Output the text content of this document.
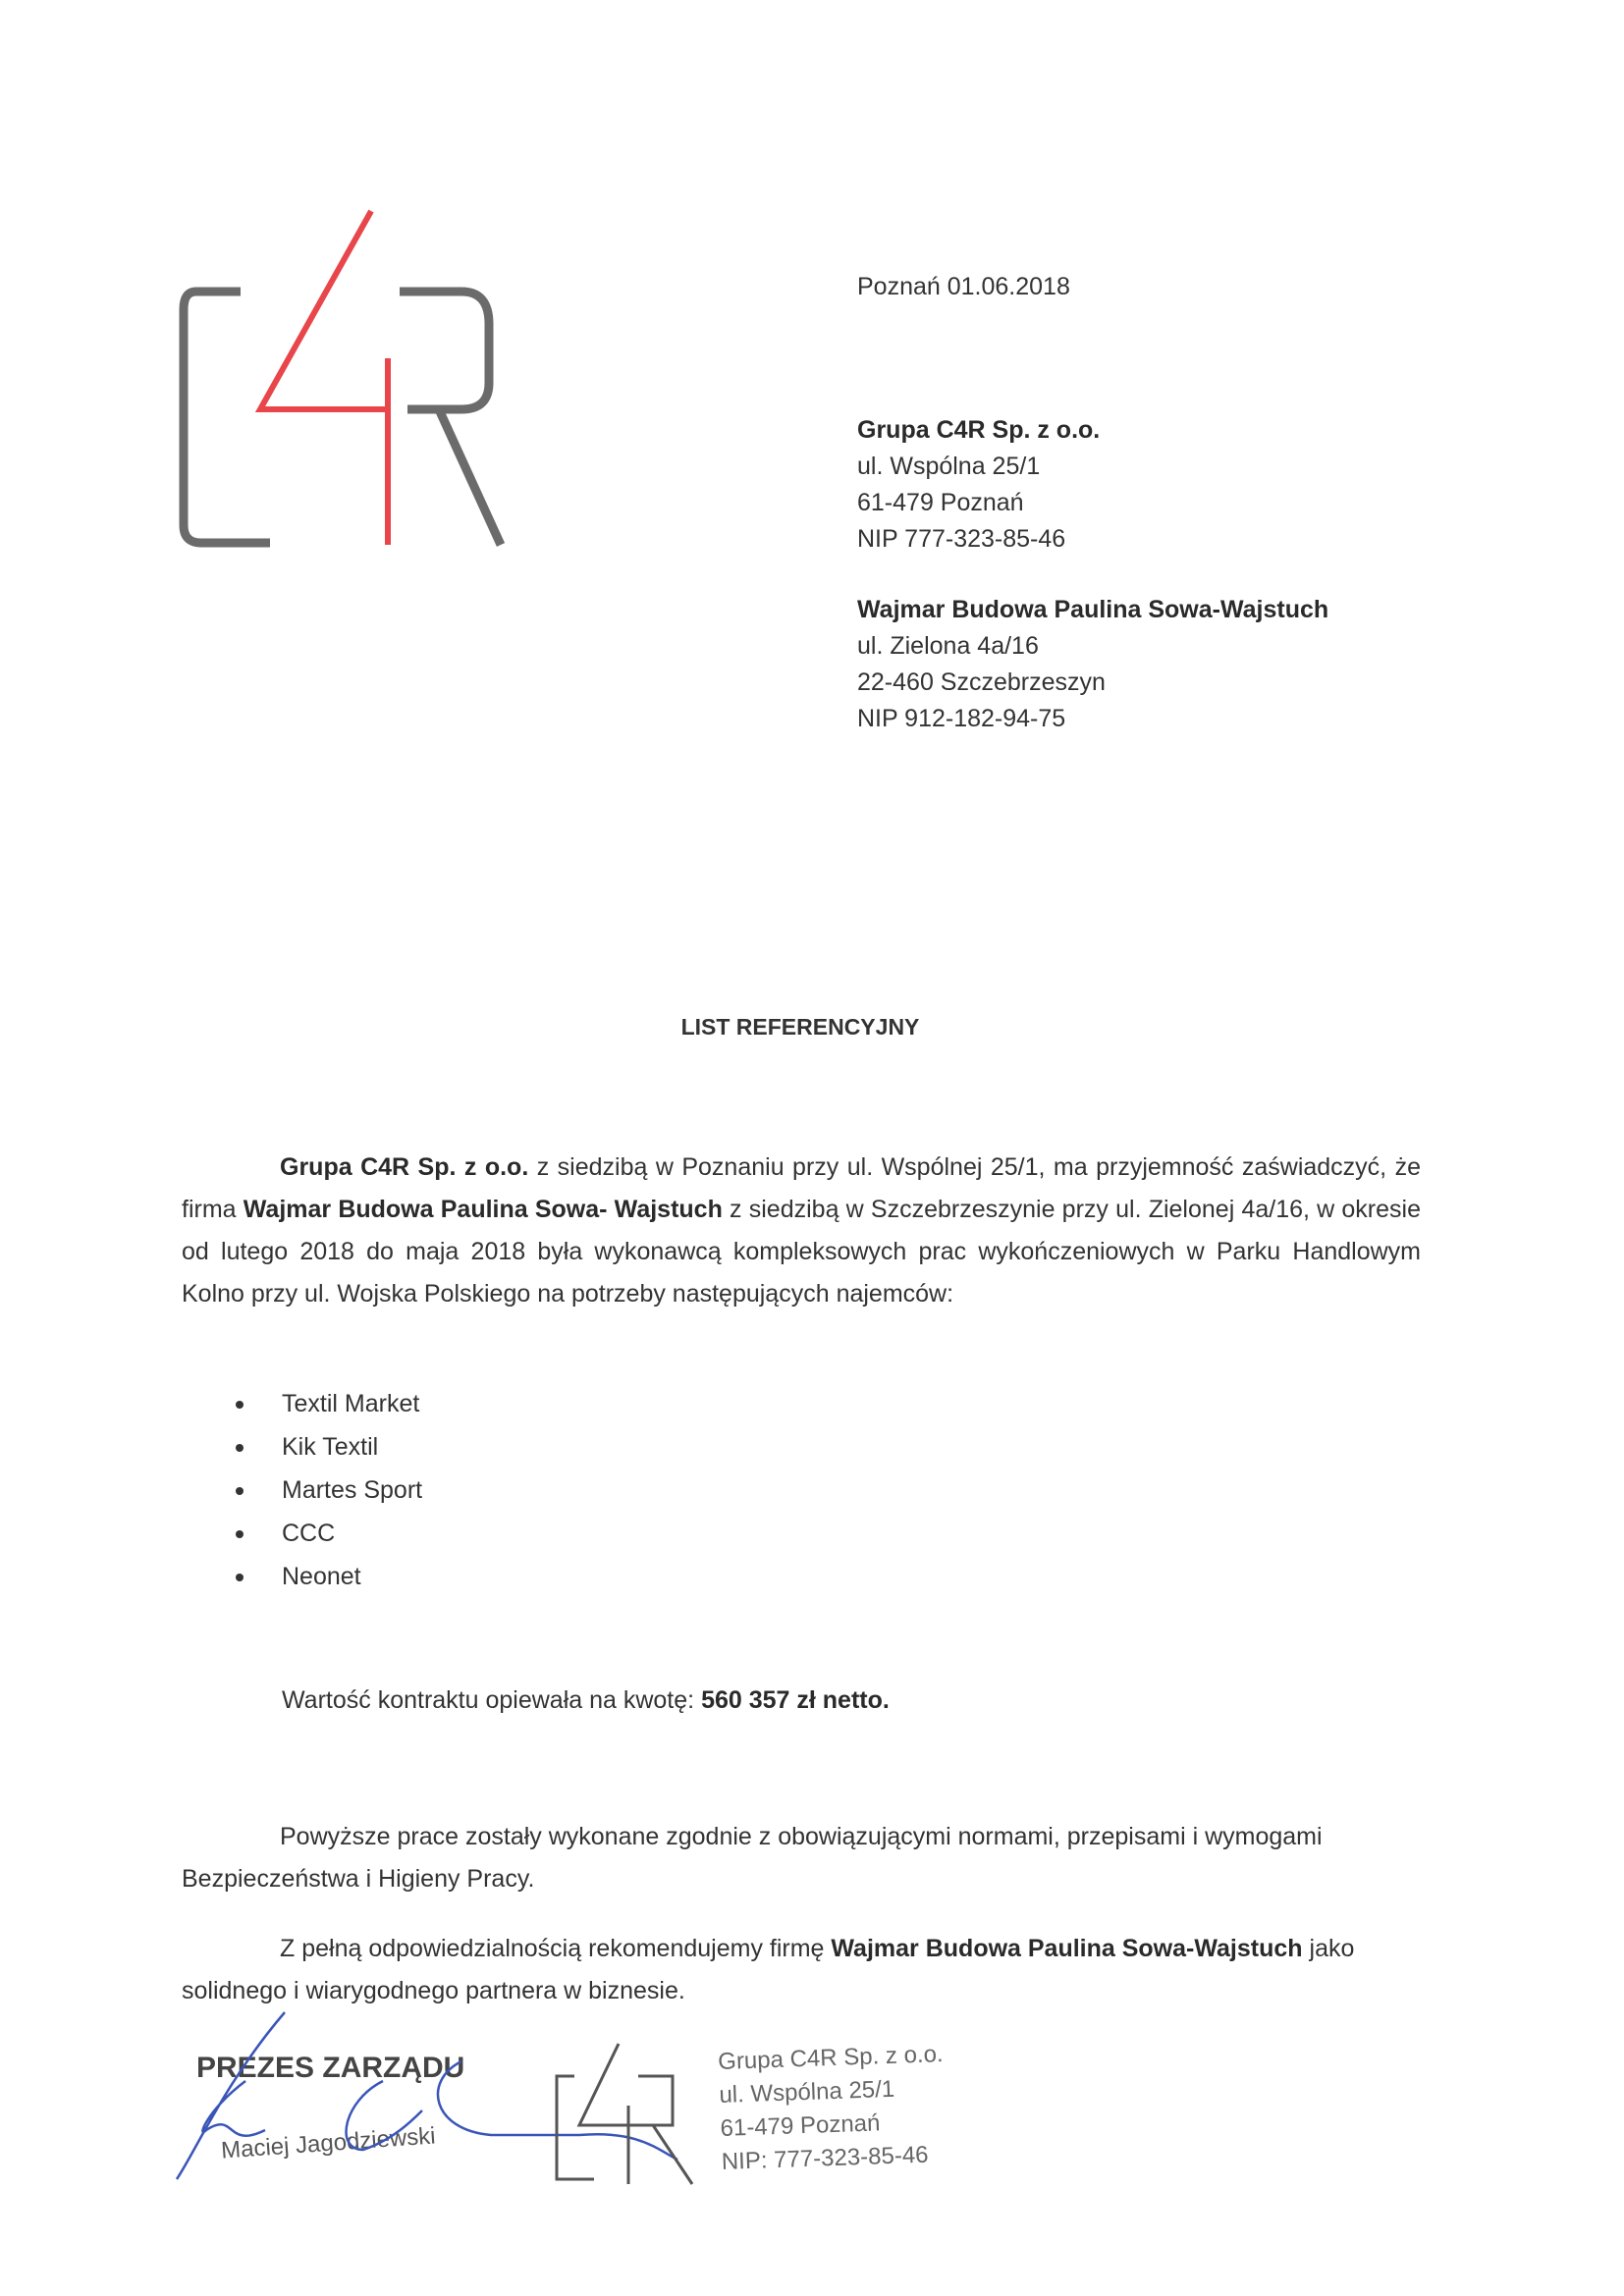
Poznań 01.06.2018
Grupa C4R Sp. z o.o.
ul. Wspólna 25/1
61-479 Poznań
NIP 777-323-85-46
Wajmar Budowa Paulina Sowa-Wajstuch
ul. Zielona 4a/16
22-460 Szczebrzeszyn
NIP 912-182-94-75
LIST REFERENCYJNY
Grupa C4R Sp. z o.o. z siedzibą w Poznaniu przy ul. Wspólnej 25/1, ma przyjemność zaświadczyć, że firma Wajmar Budowa Paulina Sowa- Wajstuch z siedzibą w Szczebrzeszynie przy ul. Zielonej 4a/16, w okresie od lutego 2018 do maja 2018 była wykonawcą kompleksowych prac wykończeniowych w Parku Handlowym Kolno przy ul. Wojska Polskiego na potrzeby następujących najemców:
Textil Market
Kik Textil
Martes Sport
CCC
Neonet
Wartość kontraktu opiewała na kwotę: 560 357 zł netto.
Powyższe prace zostały wykonane zgodnie z obowiązującymi normami, przepisami i wymogami Bezpieczeństwa i Higieny Pracy.
Z pełną odpowiedzialnością rekomendujemy firmę Wajmar Budowa Paulina Sowa-Wajstuch jako solidnego i wiarygodnego partnera w biznesie.
PREZES ZARZĄDU
Maciej Jagodziewski
Grupa C4R Sp. z o.o.
ul. Wspólna 25/1
61-479 Poznań
NIP: 777-323-85-46
